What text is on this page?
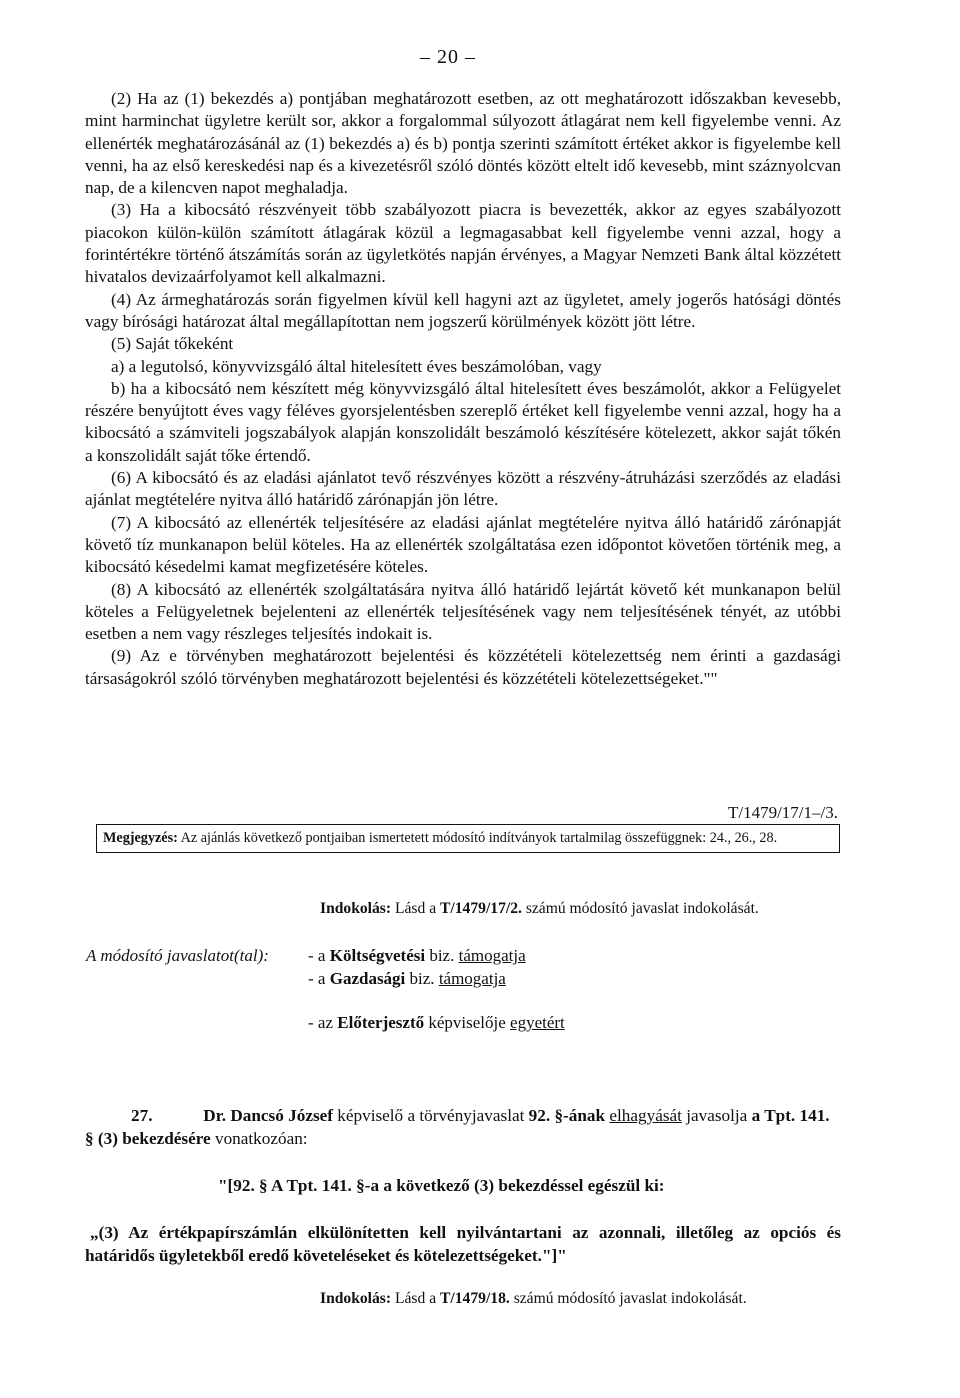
– 20 –

(2) Ha az (1) bekezdés a) pontjában meghatározott esetben, az ott meghatározott időszakban kevesebb, mint harminchat ügyletre került sor, akkor a forgalommal súlyozott átlagárat nem kell figyelembe venni. Az ellenérték meghatározásánál az (1) bekezdés a) és b) pontja szerinti számított értéket akkor is figyelembe kell venni, ha az első kereskedési nap és a kivezetésről szóló döntés között eltelt idő kevesebb, mint száznyolcvan nap, de a kilencven napot meghaladja.

(3) Ha a kibocsátó részvényeit több szabályozott piacra is bevezették, akkor az egyes szabályozott piacokon külön-külön számított átlagárak közül a legmagasabbat kell figyelembe venni azzal, hogy a forintértékre történő átszámítás során az ügyletkötés napján érvényes, a Magyar Nemzeti Bank által közzétett hivatalos devizaárfolyamot kell alkalmazni.

(4) Az ármeghatározás során figyelmen kívül kell hagyni azt az ügyletet, amely jogerős hatósági döntés vagy bírósági határozat által megállapítottan nem jogszerű körülmények között jött létre.

(5) Saját tőkeként

a) a legutolsó, könyvvizsgáló által hitelesített éves beszámolóban, vagy

b) ha a kibocsátó nem készített még könyvvizsgáló által hitelesített éves beszámolót, akkor a Felügyelet részére benyújtott éves vagy féléves gyorsjelentésben szereplő értéket kell figyelembe venni azzal, hogy ha a kibocsátó a számviteli jogszabályok alapján konszolidált beszámoló készítésére kötelezett, akkor saját tőkén a konszolidált saját tőke értendő.

(6) A kibocsátó és az eladási ajánlatot tevő részvényes között a részvény-átruházási szerződés az eladási ajánlat megtételére nyitva álló határidő zárónapján jön létre.

(7) A kibocsátó az ellenérték teljesítésére az eladási ajánlat megtételére nyitva álló határidő zárónapját követő tíz munkanapon belül köteles. Ha az ellenérték szolgáltatása ezen időpontot követően történik meg, a kibocsátó késedelmi kamat megfizetésére köteles.

(8) A kibocsátó az ellenérték szolgáltatására nyitva álló határidő lejártát követő két munkanapon belül köteles a Felügyeletnek bejelenteni az ellenérték teljesítésének vagy nem teljesítésének tényét, az utóbbi esetben a nem vagy részleges teljesítés indokait is.

(9) Az e törvényben meghatározott bejelentési és közzétételi kötelezettség nem érinti a gazdasági társaságokról szóló törvényben meghatározott bejelentési és közzétételi kötelezettségeket.""

T/1479/17/1–/3.
Megjegyzés: Az ajánlás következő pontjaiban ismertetett módosító indítványok tartalmilag összefüggnek: 24., 26., 28.
Indokolás: Lásd a T/1479/17/2. számú módosító javaslat indokolását.
A módosító javaslatot(tal): - a Költségvetési biz. támogatja
- a Gazdasági biz. támogatja
- az Előterjesztő képviselője egyetért
27.	Dr. Dancsó József képviselő a törvényjavaslat 92. §-ának elhagyását javasolja a Tpt. 141. § (3) bekezdésére vonatkozóan:
"[92. § A Tpt. 141. §-a a következő (3) bekezdéssel egészül ki:

„(3) Az értékpapírszámlán elkülönítetten kell nyilvántartani az azonnali, illetőleg az opciós és határidős ügyletekből eredő követeléseket és kötelezettségeket."]"

Indokolás: Lásd a T/1479/18. számú módosító javaslat indokolását.
